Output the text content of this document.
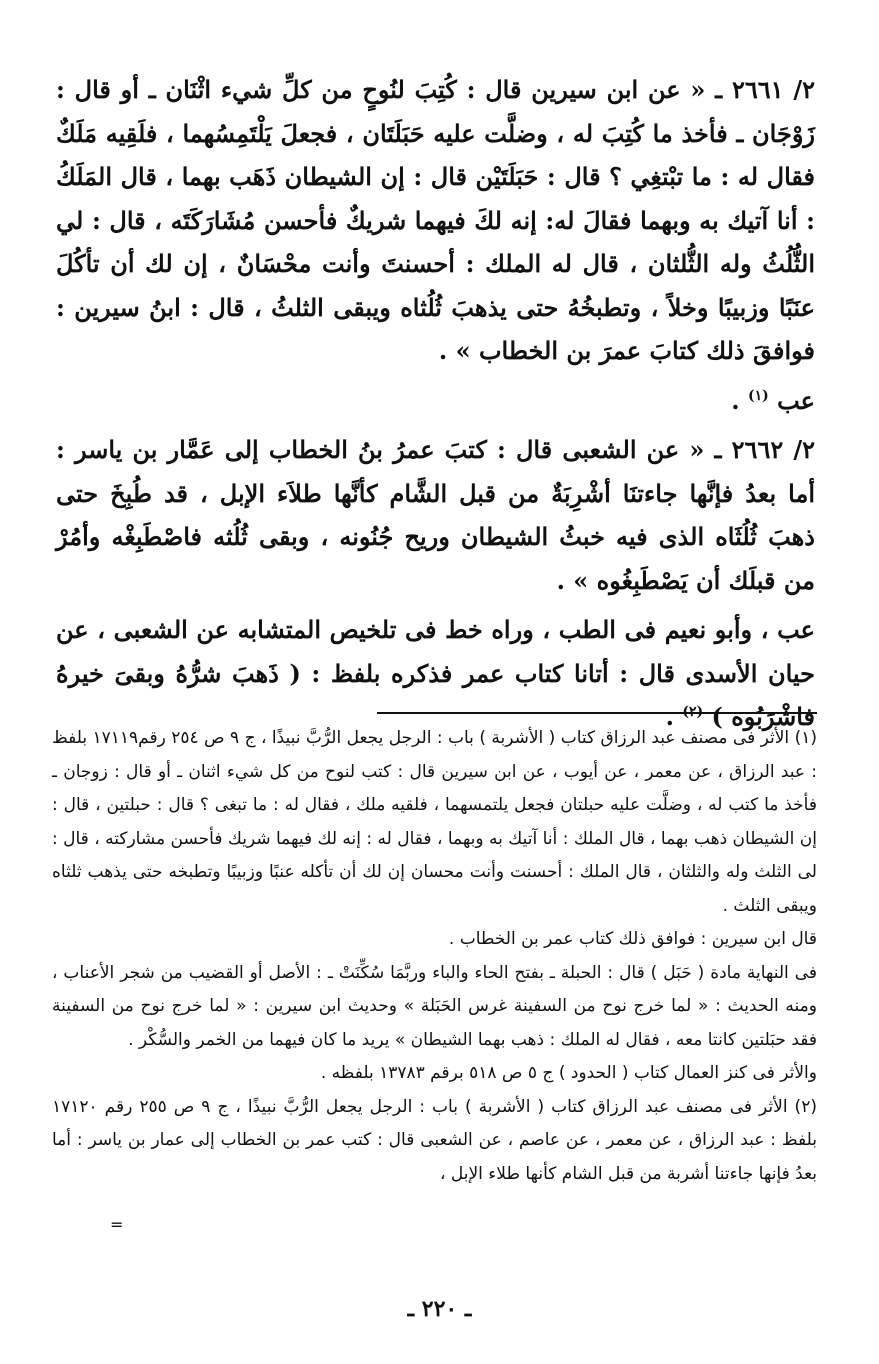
٢/ ٢٦٦١ ـ « عن ابن سيرين قال : كُتِبَ لنُوحٍ من كلِّ شيء اثْنَان ـ أو قال : زَوْجَان ـ فأخذ ما كُتِبَ له ، وضلَّت عليه حَبَلَتَان ، فجعلَ يَلْتَمِسُهما ، فلَقِيه مَلَكٌ فقال له : ما تبْتغِي ؟ قال : حَبَلَتَيْن قال : إن الشيطان ذَهَب بهما ، قال المَلَكُ : أنا آتيك به وبهما فقالَ له: إنه لكَ فيهما شريكٌ فأحسن مُشَارَكَتَه ، قال : لي الثُّلُثُ وله الثُّلثان ، قال له الملك : أحسنتَ وأنت محْسَانٌ ، إن لك أن تأكُلَ عنَبًا وزبيبًا وخلاً ، وتطبخُهُ حتى يذهبَ ثُلُثاه ويبقى الثلثُ ، قال : ابنُ سيرين : فوافقَ ذلك كتابَ عمرَ بن الخطاب » .

عب $^{(١)}$ .

٢/ ٢٦٦٢ ـ « عن الشعبى قال : كتبَ عمرُ بنُ الخطاب إلى عَمَّار بن ياسر : أما بعدُ فإنَّها جاءتنَا أشْرِبَةٌ من قبل الشَّام كأنَّها طلاَء الإبل ، قد طُبِخَ حتى ذهبَ ثُلُثَاه الذى فيه خبثُ الشيطان وريح جُنُونه ، وبقى ثُلُثه فاصْطَبِغْه وأمُرْ من قبلَك أن يَصْطَبِغُوه » .

عب ، وأبو نعيم فى الطب ، وراه خط فى تلخيص المتشابه عن الشعبى ، عن حيان الأسدى قال : أتانا كتاب عمر فذكره بلفظ : ( ذَهبَ شرُّهُ وبقىَ خيرهُ فاشْرَبُوه ) $^{(٢)}$ .

(١) الأثر فى مصنف عبد الرزاق كتاب ( الأشربة ) باب : الرجل يجعل الرُّبَّ نبيذًا ، ج ٩ ص ٢٥٤ رقم١٧١١٩ بلفظ : عبد الرزاق ، عن معمر ، عن أيوب ، عن ابن سيرين قال : كتب لنوح من كل شيء اثنان ـ أو قال : زوجان ـ فأخذ ما كتب له ، وضلَّت عليه حبلتان فجعل يلتمسهما ، فلقيه ملك ، فقال له : ما تبغى ؟ قال : حبلتين ، قال : إن الشيطان ذهب بهما ، قال الملك : أنا آتيك به وبهما ، فقال له : إنه لك فيهما شريك فأحسن مشاركته ، قال : لى الثلث وله والثلثان ، قال الملك : أحسنت وأنت محسان إن لك أن تأكله عنبًا وزبيبًا وتطبخه حتى يذهب ثلثاه ويبقى الثلث .

قال ابن سيرين : فوافق ذلك كتاب عمر بن الخطاب .

فى النهاية مادة ( حَبَل ) قال : الحبلة ـ بفتح الحاء والباء وربَّمَا سُكِّنَتْ ـ : الأصل أو القضيب من شجر الأعناب ، ومنه الحديث : « لما خرج نوح من السفينة غرس الحَبَلة » وحديث ابن سيرين : « لما خرج نوح من السفينة فقد حبَلتين كانتا معه ، فقال له الملك : ذهب بهما الشيطان » يريد ما كان فيهما من الخمر والسُّكْر .

والأثر فى كنز العمال كتاب ( الحدود ) ج ٥ ص ٥١٨ برقم ١٣٧٨٣ بلفظه .

(٢) الأثر فى مصنف عبد الرزاق كتاب ( الأشربة ) باب : الرجل يجعل الرُّبَّ نبيذًا ، ج ٩ ص ٢٥٥ رقم ١٧١٢٠ بلفظ : عبد الرزاق ، عن معمر ، عن عاصم ، عن الشعبى قال : كتب عمر بن الخطاب إلى عمار بن ياسر : أما بعدُ فإنها جاءتنا أشربة من قبل الشام كأنها طلاء الإبل ،

=
ـ ٢٢٠ ـ
